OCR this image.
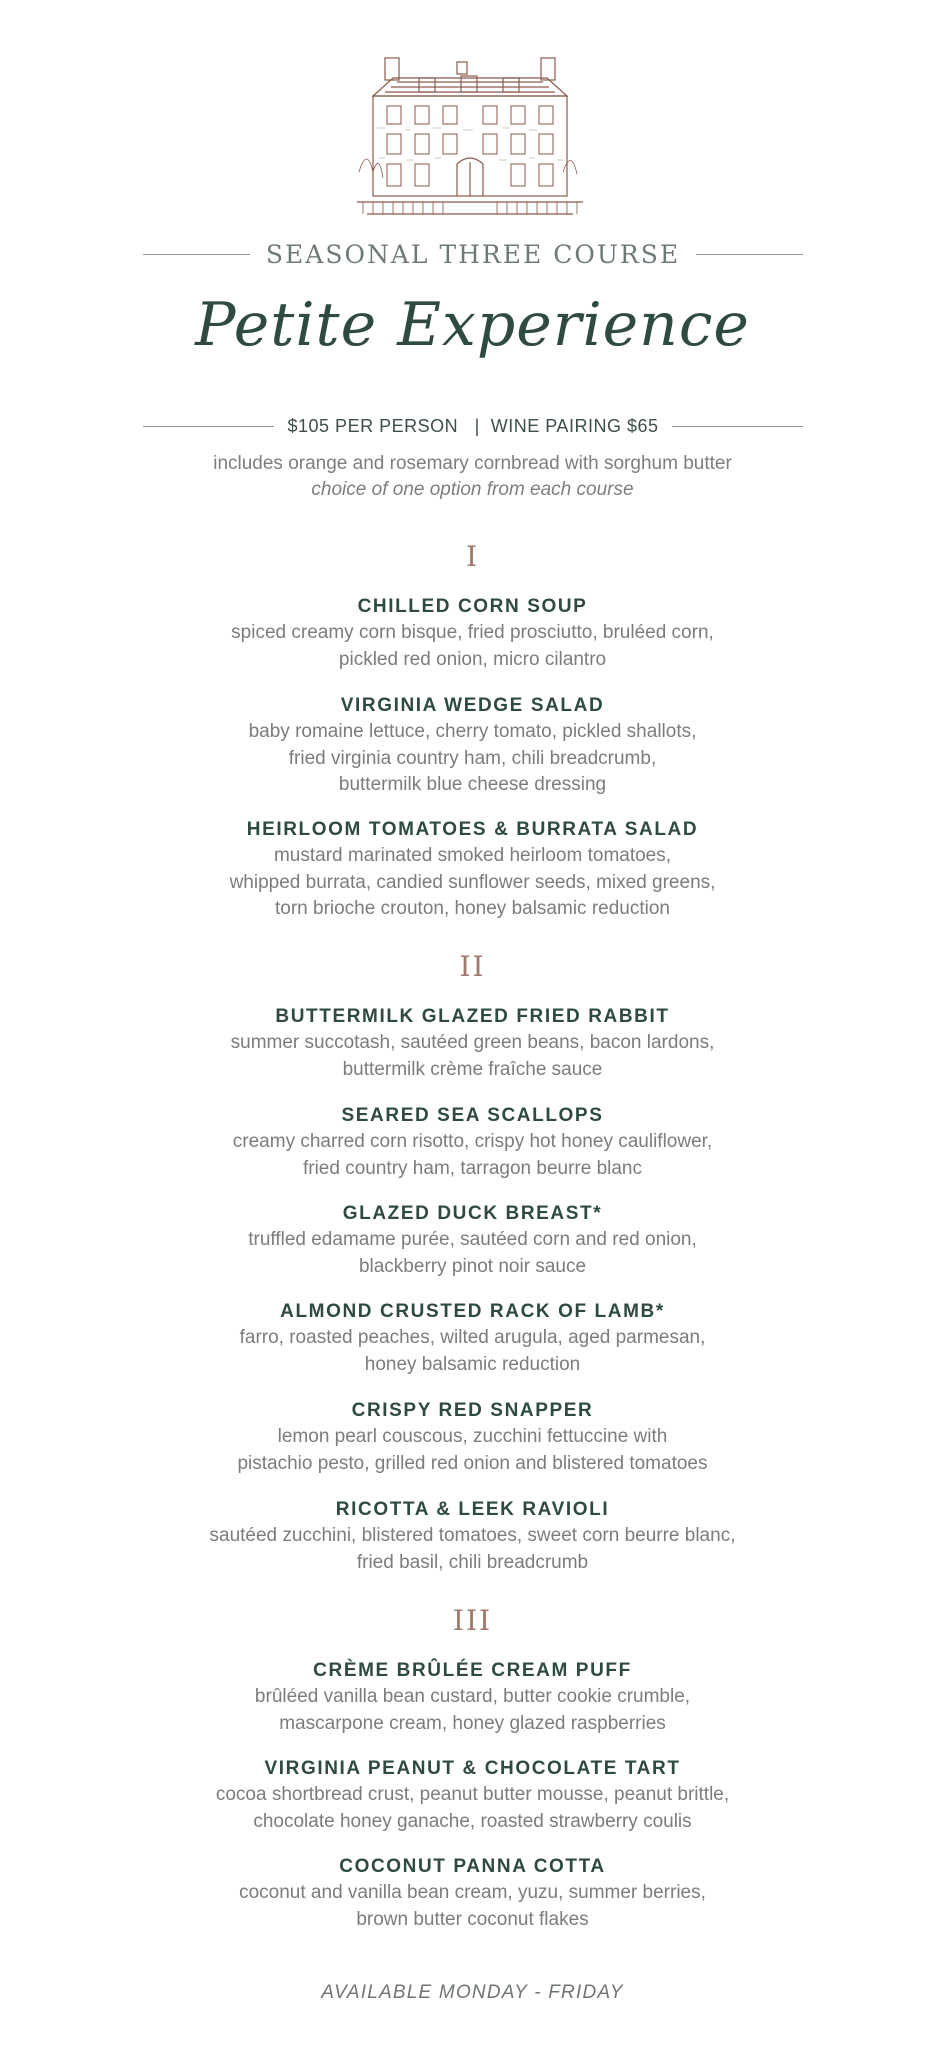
SEASONAL THREE COURSE
Petite Experience
$105 PER PERSON   |  WINE PAIRING $65
includes orange and rosemary cornbread with sorghum butter
choice of one option from each course
I
CHILLED CORN SOUP
spiced creamy corn bisque, fried prosciutto, bruléed corn,
pickled red onion, micro cilantro
VIRGINIA WEDGE SALAD
baby romaine lettuce, cherry tomato, pickled shallots,
fried virginia country ham, chili breadcrumb,
buttermilk blue cheese dressing
HEIRLOOM TOMATOES & BURRATA SALAD
mustard marinated smoked heirloom tomatoes,
whipped burrata, candied sunflower seeds, mixed greens,
torn brioche crouton, honey balsamic reduction
II
BUTTERMILK GLAZED FRIED RABBIT
summer succotash, sautéed green beans, bacon lardons,
buttermilk crème fraîche sauce
SEARED SEA SCALLOPS
creamy charred corn risotto, crispy hot honey cauliflower,
fried country ham, tarragon beurre blanc
GLAZED DUCK BREAST*
truffled edamame purée, sautéed corn and red onion,
blackberry pinot noir sauce
ALMOND CRUSTED RACK OF LAMB*
farro, roasted peaches, wilted arugula, aged parmesan,
honey balsamic reduction
CRISPY RED SNAPPER
lemon pearl couscous, zucchini fettuccine with
pistachio pesto, grilled red onion and blistered tomatoes
RICOTTA & LEEK RAVIOLI
sautéed zucchini, blistered tomatoes, sweet corn beurre blanc,
fried basil, chili breadcrumb
III
CRÈME BRÛLÉE CREAM PUFF
brûléed vanilla bean custard, butter cookie crumble,
mascarpone cream, honey glazed raspberries
VIRGINIA PEANUT & CHOCOLATE TART
cocoa shortbread crust, peanut butter mousse, peanut brittle,
chocolate honey ganache, roasted strawberry coulis
COCONUT PANNA COTTA
coconut and vanilla bean cream, yuzu, summer berries,
brown butter coconut flakes
AVAILABLE MONDAY - FRIDAY
